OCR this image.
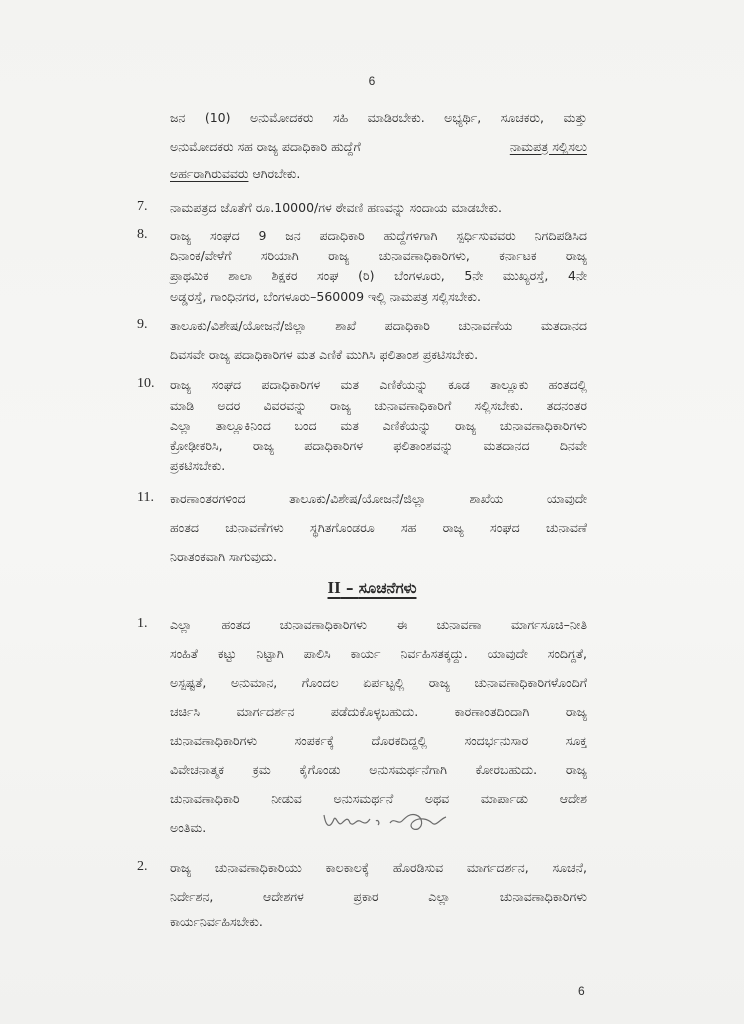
6
ಜನ (10) ಅನುಮೋದಕರು ಸಹಿ ಮಾಡಿರಬೇಕು. ಅಭ್ಯರ್ಥಿ, ಸೂಚಕರು, ಮತ್ತು
ಅನುಮೋದಕರು ಸಹ ರಾಜ್ಯ ಪದಾಧಿಕಾರಿ ಹುದ್ದೆಗೆ	ನಾಮಪತ್ರ ಸಲ್ಲಿಸಲು
ಅರ್ಹರಾಗಿರುವವರು ಆಗಿರಬೇಕು.
7. ನಾಮಪತ್ರದ ಜೊತೆಗೆ ರೂ.10000/ಗಳ ಠೇವಣಿ ಹಣವನ್ನು ಸಂದಾಯ ಮಾಡಬೇಕು.
8. ರಾಜ್ಯ ಸಂಘದ 9 ಜನ ಪದಾಧಿಕಾರಿ ಹುದ್ದೆಗಳಿಗಾಗಿ ಸ್ಪರ್ಧಿಸುವವರು ನಿಗದಿಪಡಿಸಿದ
ದಿನಾಂಕ/ವೇಳೆಗೆ ಸರಿಯಾಗಿ ರಾಜ್ಯ ಚುನಾವಣಾಧಿಕಾರಿಗಳು, ಕರ್ನಾಟಕ ರಾಜ್ಯ
ಪ್ರಾಥಮಿಕ ಶಾಲಾ ಶಿಕ್ಷಕರ ಸಂಘ (ರಿ) ಬೆಂಗಳೂರು, 5ನೇ ಮುಖ್ಯರಸ್ತೆ, 4ನೇ
ಅಡ್ಡರಸ್ತೆ, ಗಾಂಧಿನಗರ, ಬೆಂಗಳೂರು–560009 ಇಲ್ಲಿ ನಾಮಪತ್ರ ಸಲ್ಲಿಸಬೇಕು.
9. ತಾಲೂಕು/ವಿಶೇಷ/ಯೋಜನೆ/ಜಿಲ್ಲಾ ಶಾಖೆ ಪದಾಧಿಕಾರಿ ಚುನಾವಣೆಯ ಮತದಾನದ
ದಿವಸವೇ ರಾಜ್ಯ ಪದಾಧಿಕಾರಿಗಳ ಮತ ಎಣಿಕೆ ಮುಗಿಸಿ ಫಲಿತಾಂಶ ಪ್ರಕಟಿಸಬೇಕು.
10. ರಾಜ್ಯ ಸಂಘದ ಪದಾಧಿಕಾರಿಗಳ ಮತ ಎಣಿಕೆಯನ್ನು ಕೂಡ ತಾಲ್ಲೂಕು ಹಂತದಲ್ಲಿ
ಮಾಡಿ ಅದರ ವಿವರವನ್ನು ರಾಜ್ಯ ಚುನಾವಣಾಧಿಕಾರಿಗೆ ಸಲ್ಲಿಸಬೇಕು. ತದನಂತರ
ಎಲ್ಲಾ ತಾಲ್ಲೂಕಿನಿಂದ ಬಂದ ಮತ ಎಣಿಕೆಯನ್ನು ರಾಜ್ಯ ಚುನಾವಣಾಧಿಕಾರಿಗಳು
ಕ್ರೋಢೀಕರಿಸಿ, ರಾಜ್ಯ ಪದಾಧಿಕಾರಿಗಳ ಫಲಿತಾಂಶವನ್ನು ಮತದಾನದ ದಿನವೇ
ಪ್ರಕಟಿಸಬೇಕು.
11. ಕಾರಣಾಂತರಗಳಿಂದ ತಾಲೂಕು/ವಿಶೇಷ/ಯೋಜನೆ/ಜಿಲ್ಲಾ ಶಾಖೆಯ ಯಾವುದೇ
ಹಂತದ ಚುನಾವಣೆಗಳು ಸ್ಥಗಿತಗೊಂಡರೂ ಸಹ ರಾಜ್ಯ ಸಂಘದ ಚುನಾವಣೆ
ನಿರಾತಂಕವಾಗಿ ಸಾಗುವುದು.
II – ಸೂಚನೆಗಳು
1. ಎಲ್ಲಾ ಹಂತದ ಚುನಾವಣಾಧಿಕಾರಿಗಳು ಈ ಚುನಾವಣಾ ಮಾರ್ಗಸೂಚಿ–ನೀತಿ
ಸಂಹಿತೆ ಕಟ್ಟು ನಿಟ್ಟಾಗಿ ಪಾಲಿಸಿ ಕಾರ್ಯ ನಿರ್ವಹಿಸತಕ್ಕದ್ದು. ಯಾವುದೇ ಸಂದಿಗ್ದತೆ,
ಅಸ್ಪಷ್ಟತೆ, ಅನುಮಾನ, ಗೊಂದಲ ಏರ್ಪಟ್ಟಲ್ಲಿ ರಾಜ್ಯ ಚುನಾವಣಾಧಿಕಾರಿಗಳೊಂದಿಗೆ
ಚರ್ಚಿಸಿ ಮಾರ್ಗದರ್ಶನ ಪಡೆದುಕೊಳ್ಳಬಹುದು. ಕಾರಣಾಂತದಿಂದಾಗಿ ರಾಜ್ಯ
ಚುನಾವಣಾಧಿಕಾರಿಗಳು ಸಂಪರ್ಕಕ್ಕೆ ದೊರಕದಿದ್ದಲ್ಲಿ ಸಂದರ್ಭನುಸಾರ ಸೂಕ್ತ
ವಿವೇಚನಾತ್ಮಕ ಕ್ರಮ ಕೈಗೊಂಡು ಅನುಸಮರ್ಥನೆಗಾಗಿ ಕೋರಬಹುದು. ರಾಜ್ಯ
ಚುನಾವಣಾಧಿಕಾರಿ ನೀಡುವ ಅನುಸಮರ್ಥನೆ ಅಥವ ಮಾರ್ಪಾಡು ಆದೇಶ
ಅಂತಿಮ.
2. ರಾಜ್ಯ ಚುನಾವಣಾಧಿಕಾರಿಯು ಕಾಲಕಾಲಕ್ಕೆ ಹೊರಡಿಸುವ ಮಾರ್ಗದರ್ಶನ, ಸೂಚನೆ,
ನಿರ್ದೇಶನ, ಆದೇಶಗಳ ಪ್ರಕಾರ ಎಲ್ಲಾ ಚುನಾವಣಾಧಿಕಾರಿಗಳು
ಕಾರ್ಯನಿರ್ವಹಿಸಬೇಕು.
6
